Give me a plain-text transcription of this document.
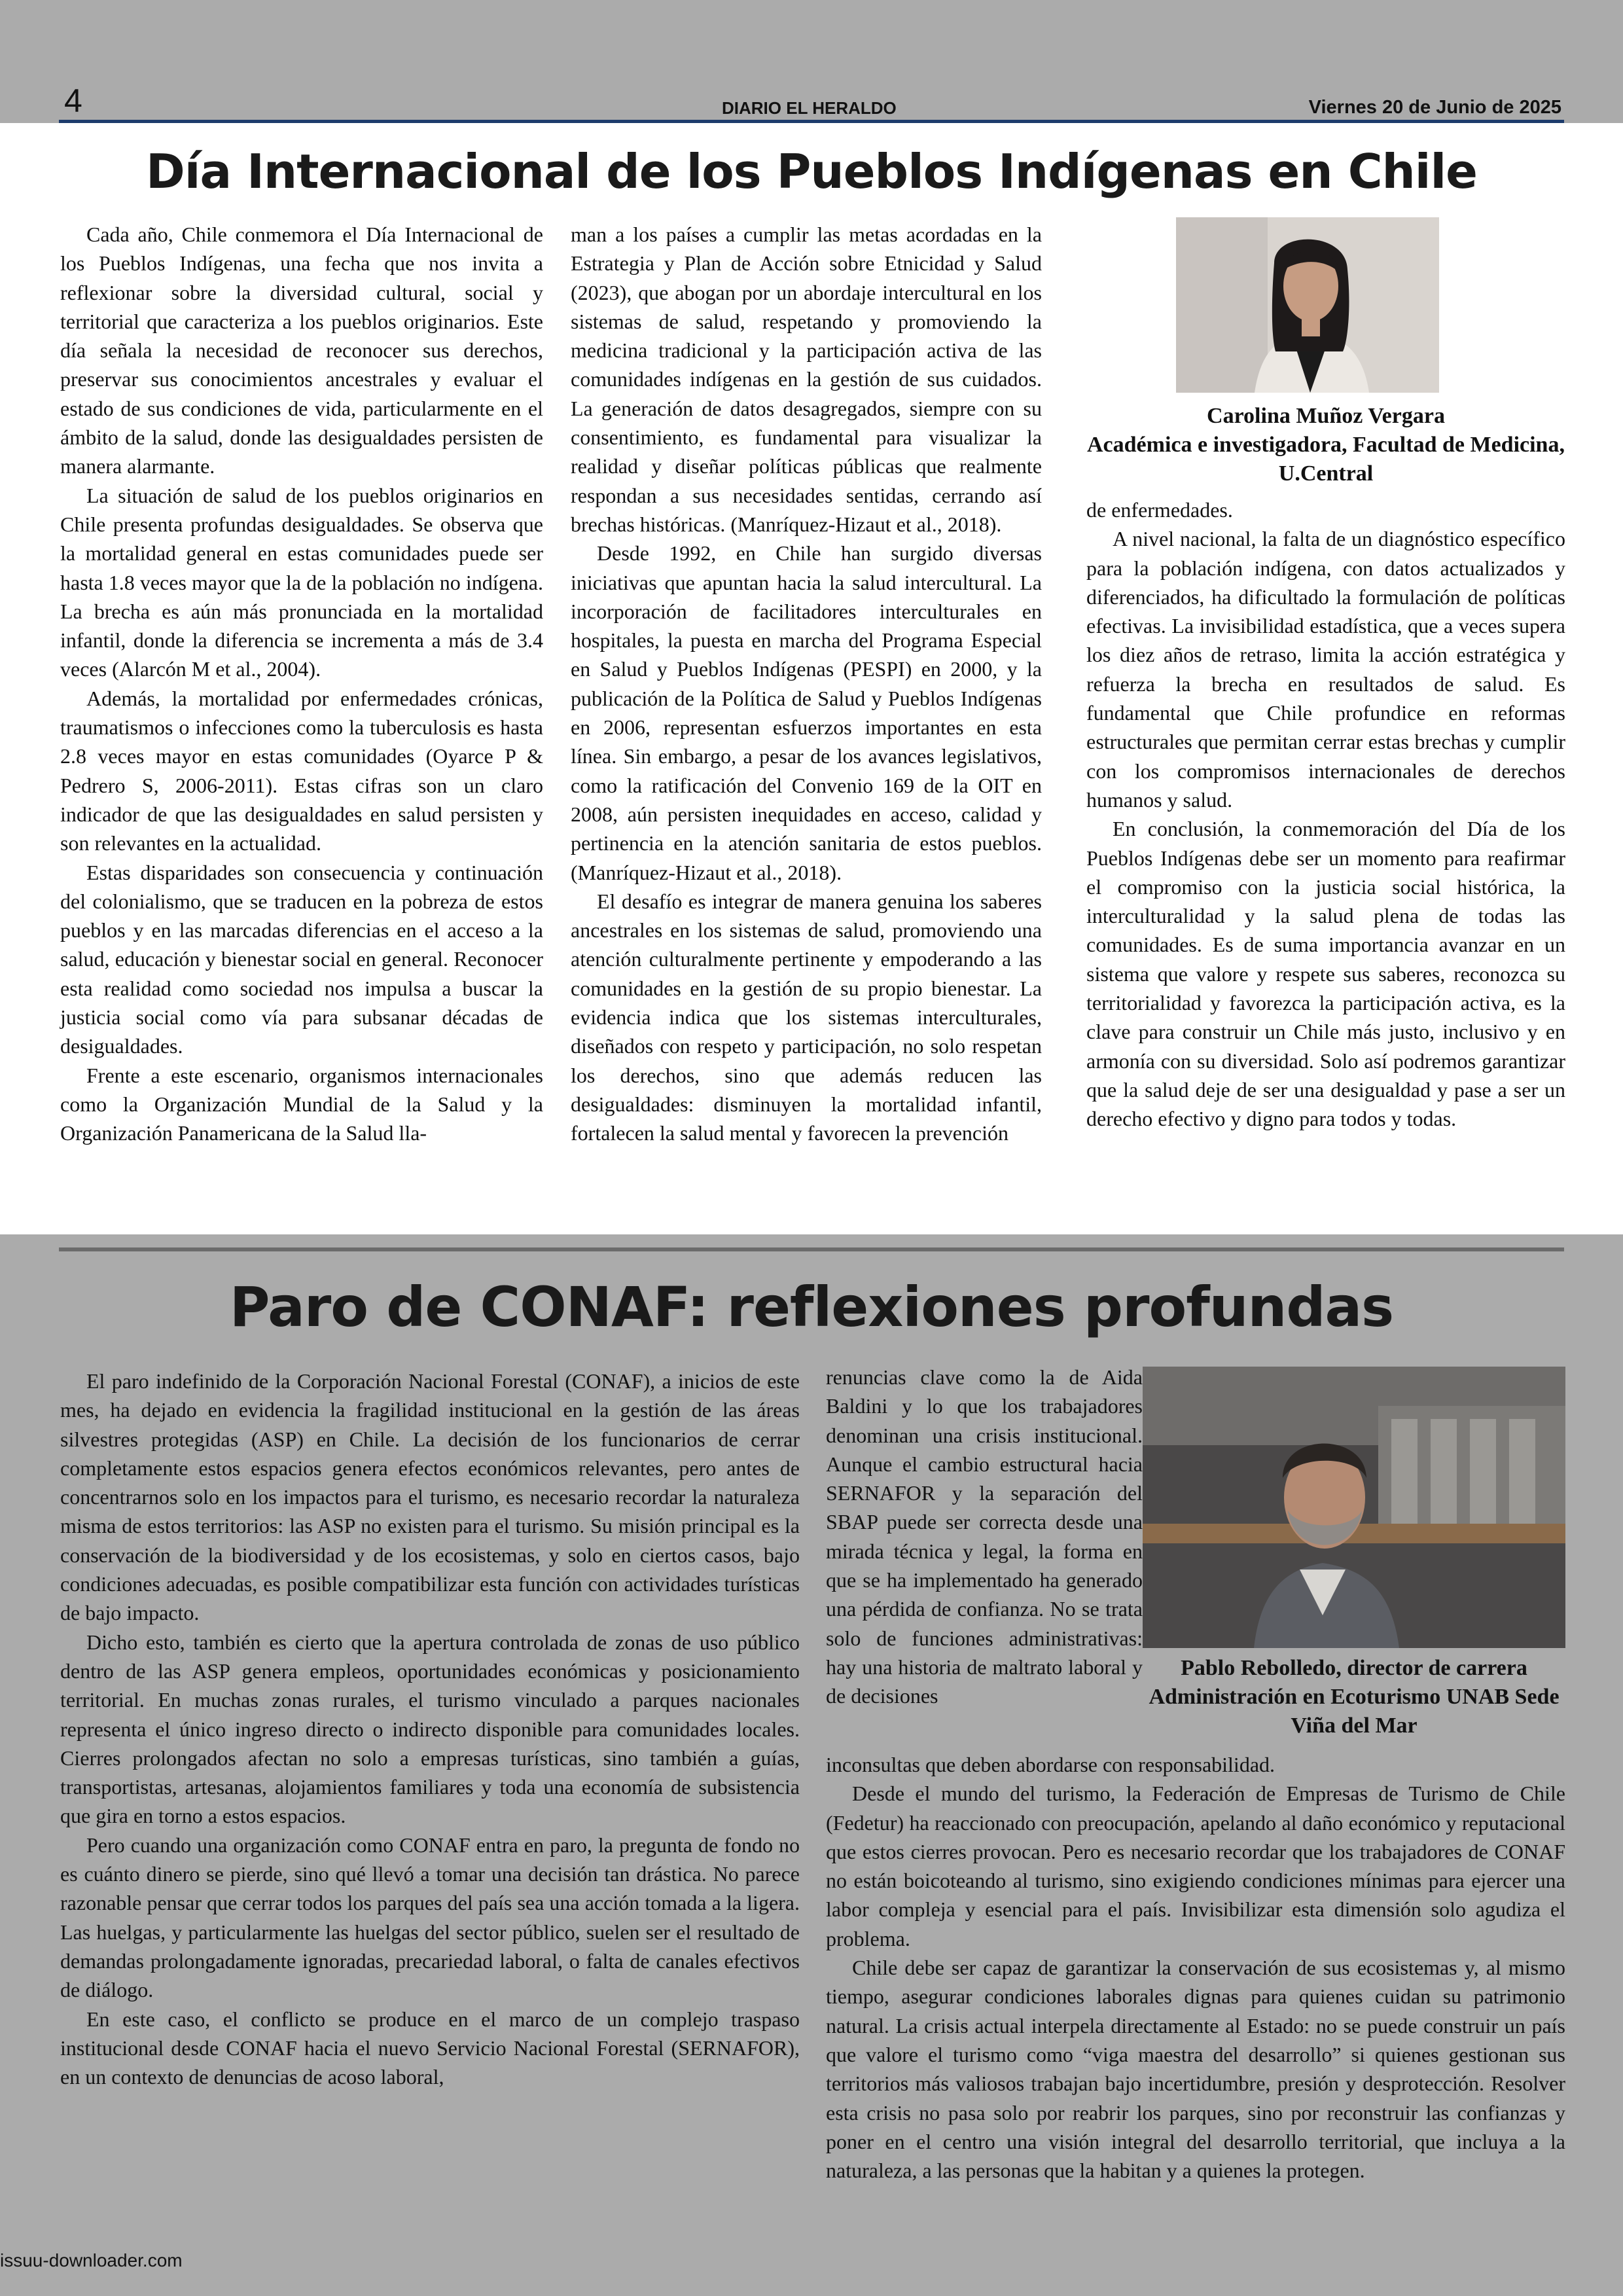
4	DIARIO EL HERALDO	Viernes 20 de Junio de 2025
Día Internacional de los Pueblos Indígenas en Chile

Cada año, Chile conmemora el Día Internacional de los Pueblos Indígenas, una fecha que nos invita a reflexionar sobre la diversidad cultural, social y territorial que caracteriza a los pueblos originarios. Este día señala la necesidad de reconocer sus derechos, preservar sus conocimientos ancestrales y evaluar el estado de sus condiciones de vida, particularmente en el ámbito de la salud, donde las desigualdades persisten de manera alarmante.

La situación de salud de los pueblos originarios en Chile presenta profundas desigualdades. Se observa que la mortalidad general en estas comunidades puede ser hasta 1.8 veces mayor que la de la población no indígena. La brecha es aún más pronunciada en la mortalidad infantil, donde la diferencia se incrementa a más de 3.4 veces (Alarcón M et al., 2004).

Además, la mortalidad por enfermedades crónicas, traumatismos o infecciones como la tuberculosis es hasta 2.8 veces mayor en estas comunidades (Oyarce P & Pedrero S, 2006-2011). Estas cifras son un claro indicador de que las desigualdades en salud persisten y son relevantes en la actualidad.

Estas disparidades son consecuencia y continuación del colonialismo, que se traducen en la pobreza de estos pueblos y en las marcadas diferencias en el acceso a la salud, educación y bienestar social en general. Reconocer esta realidad como sociedad nos impulsa a buscar la justicia social como vía para subsanar décadas de desigualdades.

Frente a este escenario, organismos internacionales como la Organización Mundial de la Salud y la Organización Panamericana de la Salud lla-

man a los países a cumplir las metas acordadas en la Estrategia y Plan de Acción sobre Etnicidad y Salud (2023), que abogan por un abordaje intercultural en los sistemas de salud, respetando y promoviendo la medicina tradicional y la participación activa de las comunidades indígenas en la gestión de sus cuidados. La generación de datos desagregados, siempre con su consentimiento, es fundamental para visualizar la realidad y diseñar políticas públicas que realmente respondan a sus necesidades sentidas, cerrando así brechas históricas. (Manríquez-Hizaut et al., 2018).

Desde 1992, en Chile han surgido diversas iniciativas que apuntan hacia la salud intercultural. La incorporación de facilitadores interculturales en hospitales, la puesta en marcha del Programa Especial en Salud y Pueblos Indígenas (PESPI) en 2000, y la publicación de la Política de Salud y Pueblos Indígenas en 2006, representan esfuerzos importantes en esta línea. Sin embargo, a pesar de los avances legislativos, como la ratificación del Convenio 169 de la OIT en 2008, aún persisten inequidades en acceso, calidad y pertinencia en la atención sanitaria de estos pueblos. (Manríquez-Hizaut et al., 2018).

El desafío es integrar de manera genuina los saberes ancestrales en los sistemas de salud, promoviendo una atención culturalmente pertinente y empoderando a las comunidades en la gestión de su propio bienestar. La evidencia indica que los sistemas interculturales, diseñados con respeto y participación, no solo respetan los derechos, sino que además reducen las desigualdades: disminuyen la mortalidad infantil, fortalecen la salud mental y favorecen la prevención

Carolina Muñoz Vergara
Académica e investigadora, Facultad de Medicina, U.Central

de enfermedades.

A nivel nacional, la falta de un diagnóstico específico para la población indígena, con datos actualizados y diferenciados, ha dificultado la formulación de políticas efectivas. La invisibilidad estadística, que a veces supera los diez años de retraso, limita la acción estratégica y refuerza la brecha en resultados de salud. Es fundamental que Chile profundice en reformas estructurales que permitan cerrar estas brechas y cumplir con los compromisos internacionales de derechos humanos y salud.

En conclusión, la conmemoración del Día de los Pueblos Indígenas debe ser un momento para reafirmar el compromiso con la justicia social histórica, la interculturalidad y la salud plena de todas las comunidades. Es de suma importancia avanzar en un sistema que valore y respete sus saberes, reconozca su territorialidad y favorezca la participación activa, es la clave para construir un Chile más justo, inclusivo y en armonía con su diversidad. Solo así podremos garantizar que la salud deje de ser una desigualdad y pase a ser un derecho efectivo y digno para todos y todas.

Paro de CONAF: reflexiones profundas

El paro indefinido de la Corporación Nacional Forestal (CONAF), a inicios de este mes, ha dejado en evidencia la fragilidad institucional en la gestión de las áreas silvestres protegidas (ASP) en Chile. La decisión de los funcionarios de cerrar completamente estos espacios genera efectos económicos relevantes, pero antes de concentrarnos solo en los impactos para el turismo, es necesario recordar la naturaleza misma de estos territorios: las ASP no existen para el turismo. Su misión principal es la conservación de la biodiversidad y de los ecosistemas, y solo en ciertos casos, bajo condiciones adecuadas, es posible compatibilizar esta función con actividades turísticas de bajo impacto.

Dicho esto, también es cierto que la apertura controlada de zonas de uso público dentro de las ASP genera empleos, oportunidades económicas y posicionamiento territorial. En muchas zonas rurales, el turismo vinculado a parques nacionales representa el único ingreso directo o indirecto disponible para comunidades locales. Cierres prolongados afectan no solo a empresas turísticas, sino también a guías, transportistas, artesanas, alojamientos familiares y toda una economía de subsistencia que gira en torno a estos espacios.

Pero cuando una organización como CONAF entra en paro, la pregunta de fondo no es cuánto dinero se pierde, sino qué llevó a tomar una decisión tan drástica. No parece razonable pensar que cerrar todos los parques del país sea una acción tomada a la ligera. Las huelgas, y particularmente las huelgas del sector público, suelen ser el resultado de demandas prolongadamente ignoradas, precariedad laboral, o falta de canales efectivos de diálogo.

En este caso, el conflicto se produce en el marco de un complejo traspaso institucional desde CONAF hacia el nuevo Servicio Nacional Forestal (SERNAFOR), en un contexto de denuncias de acoso laboral,

renuncias clave como la de Aida Baldini y lo que los trabajadores denominan una crisis institucional. Aunque el cambio estructural hacia SERNAFOR y la separación del SBAP puede ser correcta desde una mirada técnica y legal, la forma en que se ha implementado ha generado una pérdida de confianza. No se trata solo de funciones administrativas: hay una historia de maltrato laboral y de decisiones

Pablo Rebolledo, director de carrera Administración en Ecoturismo UNAB Sede Viña del Mar

inconsultas que deben abordarse con responsabilidad.

Desde el mundo del turismo, la Federación de Empresas de Turismo de Chile (Fedetur) ha reaccionado con preocupación, apelando al daño económico y reputacional que estos cierres provocan. Pero es necesario recordar que los trabajadores de CONAF no están boicoteando al turismo, sino exigiendo condiciones mínimas para ejercer una labor compleja y esencial para el país. Invisibilizar esta dimensión solo agudiza el problema.

Chile debe ser capaz de garantizar la conservación de sus ecosistemas y, al mismo tiempo, asegurar condiciones laborales dignas para quienes cuidan su patrimonio natural. La crisis actual interpela directamente al Estado: no se puede construir un país que valore el turismo como “viga maestra del desarrollo” si quienes gestionan sus territorios más valiosos trabajan bajo incertidumbre, presión y desprotección. Resolver esta crisis no pasa solo por reabrir los parques, sino por reconstruir las confianzas y poner en el centro una visión integral del desarrollo territorial, que incluya a la naturaleza, a las personas que la habitan y a quienes la protegen.

issuu-downloader.com
